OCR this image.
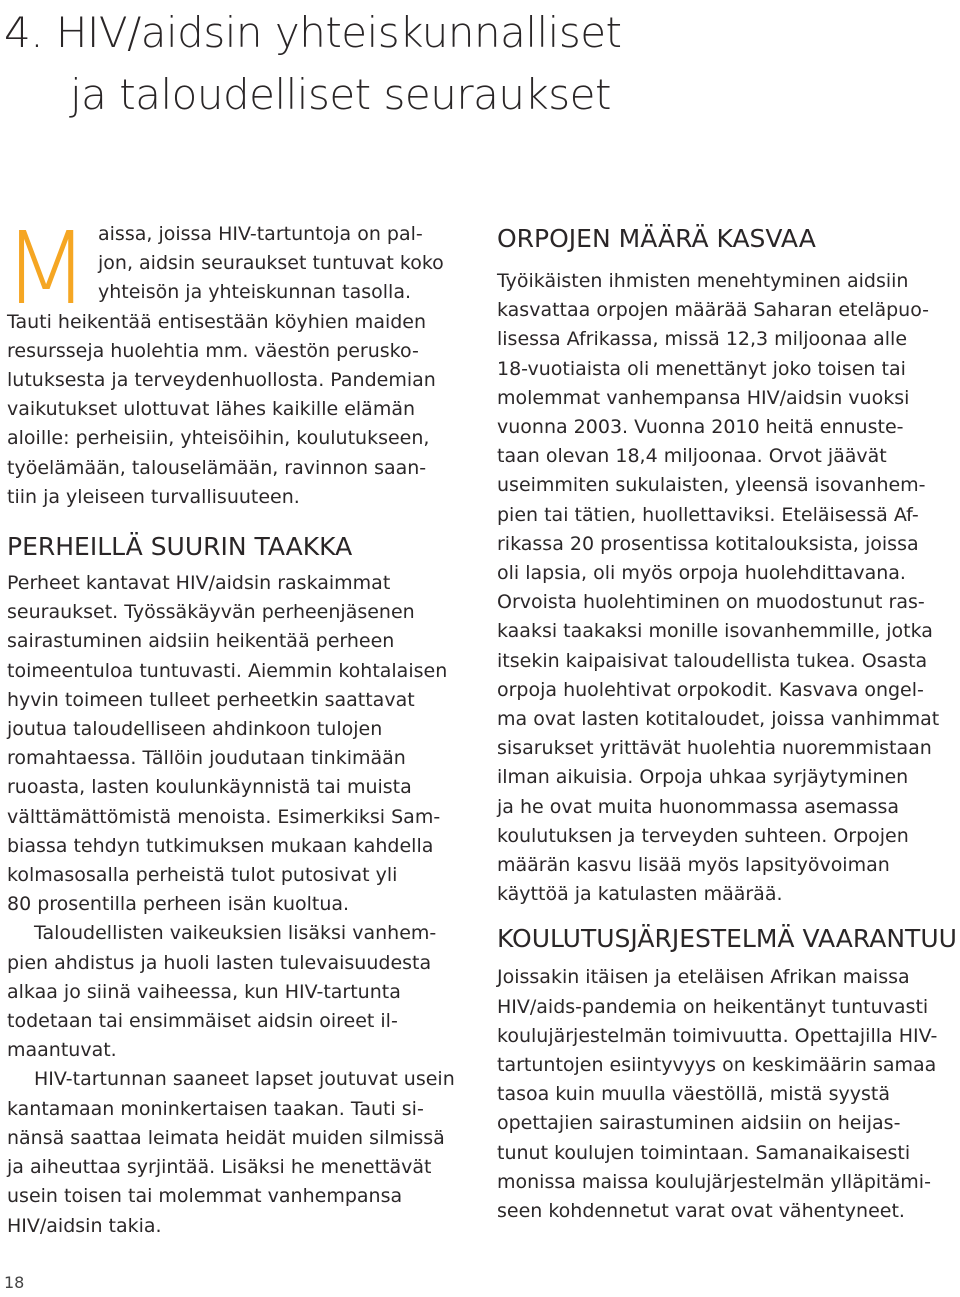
4. HIV/aidsin yhteiskunnalliset
ja taloudelliset seuraukset
M aissa, joissa HIV-tartuntoja on pal-
jon, aidsin seuraukset tuntuvat koko
yhteisön ja yhteiskunnan tasolla.
Tauti heikentää entisestään köyhien maiden
resursseja huolehtia mm. väestön perusko-
lutuksesta ja terveydenhuollosta. Pandemian
vaikutukset ulottuvat lähes kaikille elämän
aloille: perheisiin, yhteisöihin, koulutukseen,
työelämään, talouselämään, ravinnon saan-
tiin ja yleiseen turvallisuuteen.
PERHEILLÄ SUURIN TAAKKA
Perheet kantavat HIV/aidsin raskaimmat
seuraukset. Työssäkäyvän perheenjäsenen
sairastuminen aidsiin heikentää perheen
toimeentuloa tuntuvasti. Aiemmin kohtalaisen
hyvin toimeen tulleet perheetkin saattavat
joutua taloudelliseen ahdinkoon tulojen
romahtaessa. Tällöin joudutaan tinkimään
ruoasta, lasten koulunkäynnistä tai muista
välttämättömistä menoista. Esimerkiksi Sam-
biassa tehdyn tutkimuksen mukaan kahdella
kolmasosalla perheistä tulot putosivat yli
80 prosentilla perheen isän kuoltua.
Taloudellisten vaikeuksien lisäksi vanhem-
pien ahdistus ja huoli lasten tulevaisuudesta
alkaa jo siinä vaiheessa, kun HIV-tartunta
todetaan tai ensimmäiset aidsin oireet il-
maantuvat.
HIV-tartunnan saaneet lapset joutuvat usein
kantamaan moninkertaisen taakan. Tauti si-
nänsä saattaa leimata heidät muiden silmissä
ja aiheuttaa syrjintää. Lisäksi he menettävät
usein toisen tai molemmat vanhempansa
HIV/aidsin takia.
ORPOJEN MÄÄRÄ KASVAA
Työikäisten ihmisten menehtyminen aidsiin
kasvattaa orpojen määrää Saharan eteläpuo-
lisessa Afrikassa, missä 12,3 miljoonaa alle
18-vuotiaista oli menettänyt joko toisen tai
molemmat vanhempansa HIV/aidsin vuoksi
vuonna 2003. Vuonna 2010 heitä ennuste-
taan olevan 18,4 miljoonaa. Orvot jäävät
useimmiten sukulaisten, yleensä isovanhem-
pien tai tätien, huollettaviksi. Eteläisessä Af-
rikassa 20 prosentissa kotitalouksista, joissa
oli lapsia, oli myös orpoja huolehdittavana.
Orvoista huolehtiminen on muodostunut ras-
kaaksi taakaksi monille isovanhemmille, jotka
itsekin kaipaisivat taloudellista tukea. Osasta
orpoja huolehtivat orpokodit. Kasvava ongel-
ma ovat lasten kotitaloudet, joissa vanhimmat
sisarukset yrittävät huolehtia nuoremmistaan
ilman aikuisia. Orpoja uhkaa syrjäytyminen
ja he ovat muita huonommassa asemassa
koulutuksen ja terveyden suhteen. Orpojen
määrän kasvu lisää myös lapsityövoiman
käyttöä ja katulasten määrää.
KOULUTUSJÄRJESTELMÄ VAARANTUU
Joissakin itäisen ja eteläisen Afrikan maissa
HIV/aids-pandemia on heikentänyt tuntuvasti
koulujärjestelmän toimivuutta. Opettajilla HIV-
tartuntojen esiintyvyys on keskimäärin samaa
tasoa kuin muulla väestöllä, mistä syystä
opettajien sairastuminen aidsiin on heijas-
tunut koulujen toimintaan. Samanaikaisesti
monissa maissa koulujärjestelmän ylläpitämi-
seen kohdennetut varat ovat vähentyneet.
18
